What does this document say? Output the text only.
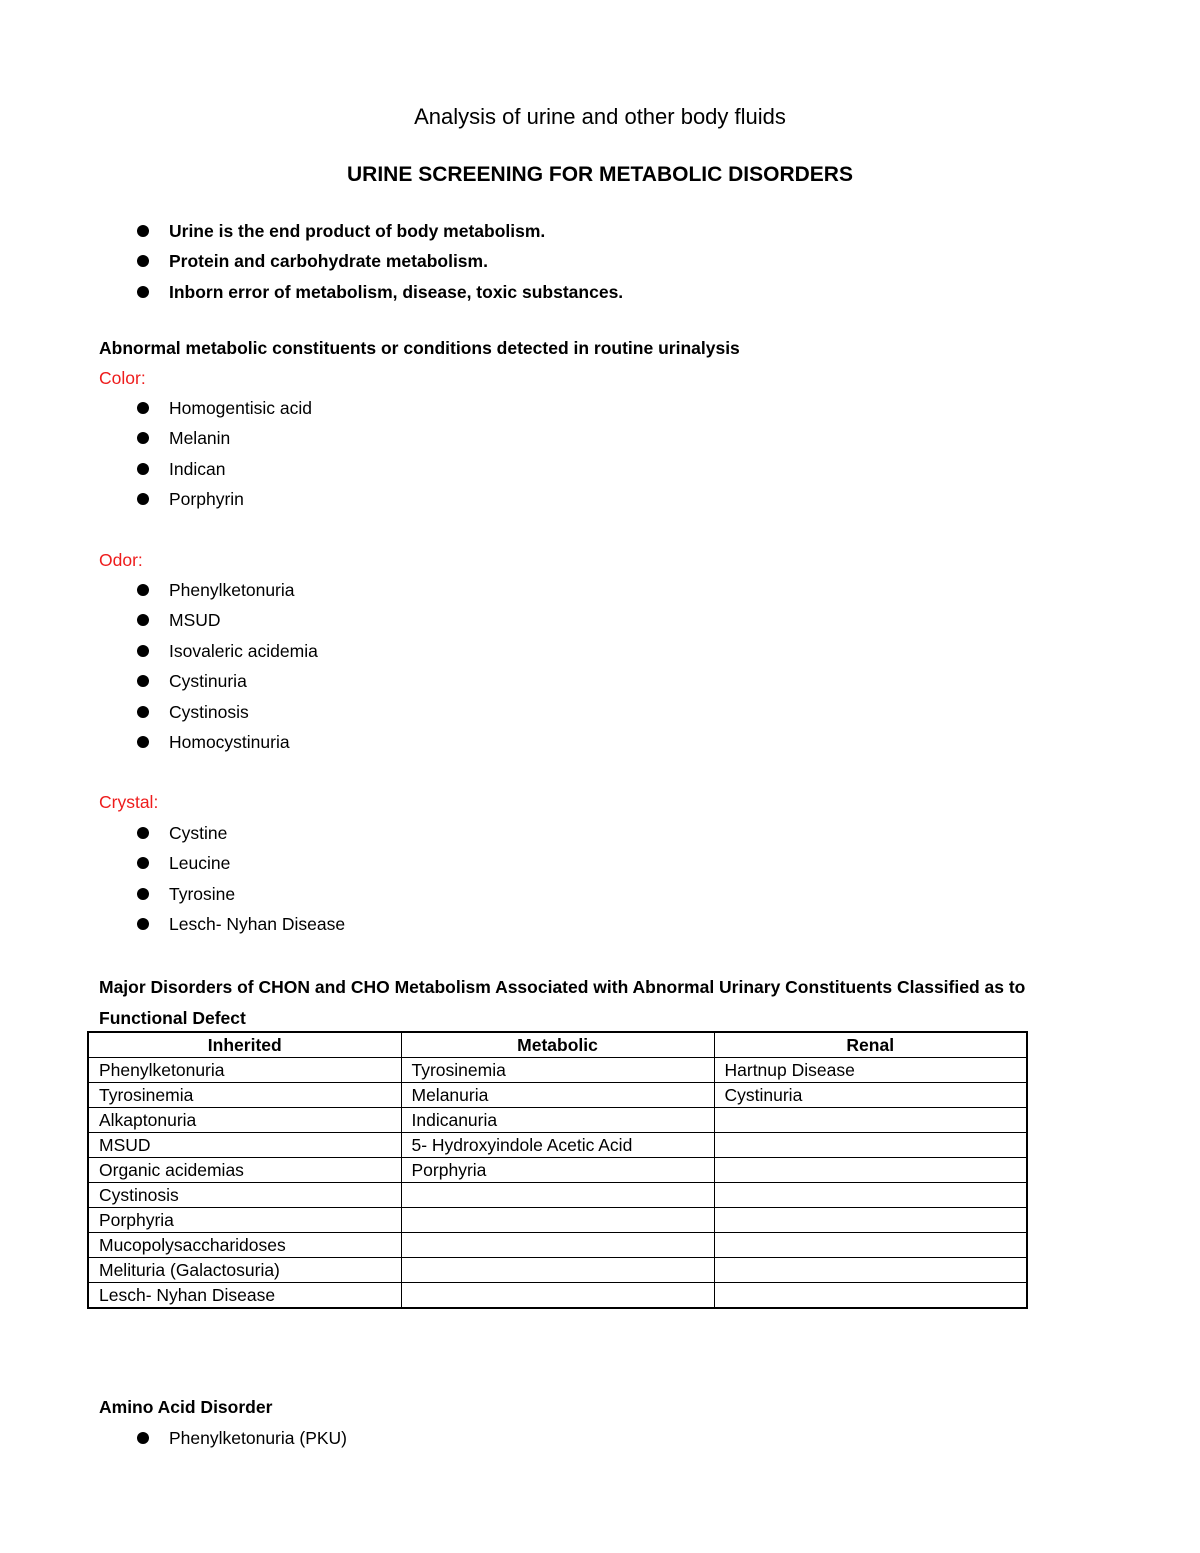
Analysis of urine and other body fluids
URINE SCREENING FOR METABOLIC DISORDERS
Urine is the end product of body metabolism.
Protein and carbohydrate metabolism.
Inborn error of metabolism, disease, toxic substances.

Abnormal metabolic constituents or conditions detected in routine urinalysis

Color:

Homogentisic acid
Melanin
Indican
Porphyrin

Odor:

Phenylketonuria
MSUD
Isovaleric acidemia
Cystinuria
Cystinosis
Homocystinuria

Crystal:

Cystine
Leucine
Tyrosine
Lesch- Nyhan Disease

Major Disorders of CHON and CHO Metabolism Associated with Abnormal Urinary Constituents Classified as to Functional Defect

Inherited	Metabolic	Renal
Phenylketonuria	Tyrosinemia	Hartnup Disease
Tyrosinemia	Melanuria	Cystinuria
Alkaptonuria	Indicanuria	
MSUD	5- Hydroxyindole Acetic Acid	
Organic acidemias	Porphyria	
Cystinosis		
Porphyria		
Mucopolysaccharidoses		
Melituria (Galactosuria)		
Lesch- Nyhan Disease		

Amino Acid Disorder

Phenylketonuria (PKU)
